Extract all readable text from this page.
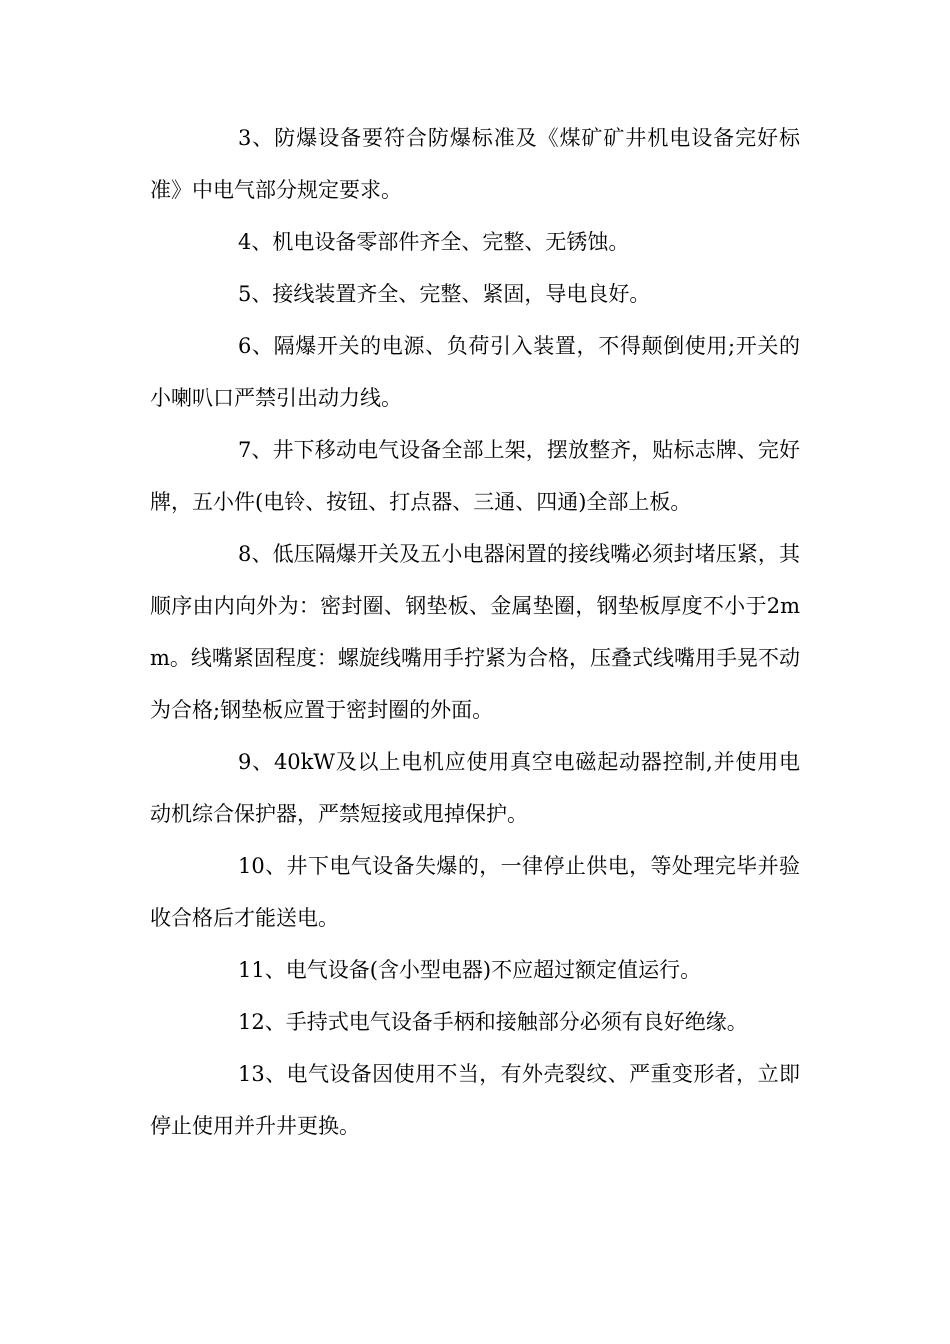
3、防爆设备要符合防爆标准及《煤矿矿井机电设备完好标准》中电气部分规定要求。

4、机电设备零部件齐全、完整、无锈蚀。

5、接线装置齐全、完整、紧固，导电良好。

6、隔爆开关的电源、负荷引入装置，不得颠倒使用;开关的小喇叭口严禁引出动力线。

7、井下移动电气设备全部上架，摆放整齐，贴标志牌、完好牌，五小件(电铃、按钮、打点器、三通、四通)全部上板。

8、低压隔爆开关及五小电器闲置的接线嘴必须封堵压紧，其顺序由内向外为：密封圈、钢垫板、金属垫圈，钢垫板厚度不小于2mm。线嘴紧固程度：螺旋线嘴用手拧紧为合格，压叠式线嘴用手晃不动为合格;钢垫板应置于密封圈的外面。

9、40kW及以上电机应使用真空电磁起动器控制,并使用电动机综合保护器，严禁短接或甩掉保护。

10、井下电气设备失爆的，一律停止供电，等处理完毕并验收合格后才能送电。

11、电气设备(含小型电器)不应超过额定值运行。

12、手持式电气设备手柄和接触部分必须有良好绝缘。

13、电气设备因使用不当，有外壳裂纹、严重变形者，立即停止使用并升井更换。
